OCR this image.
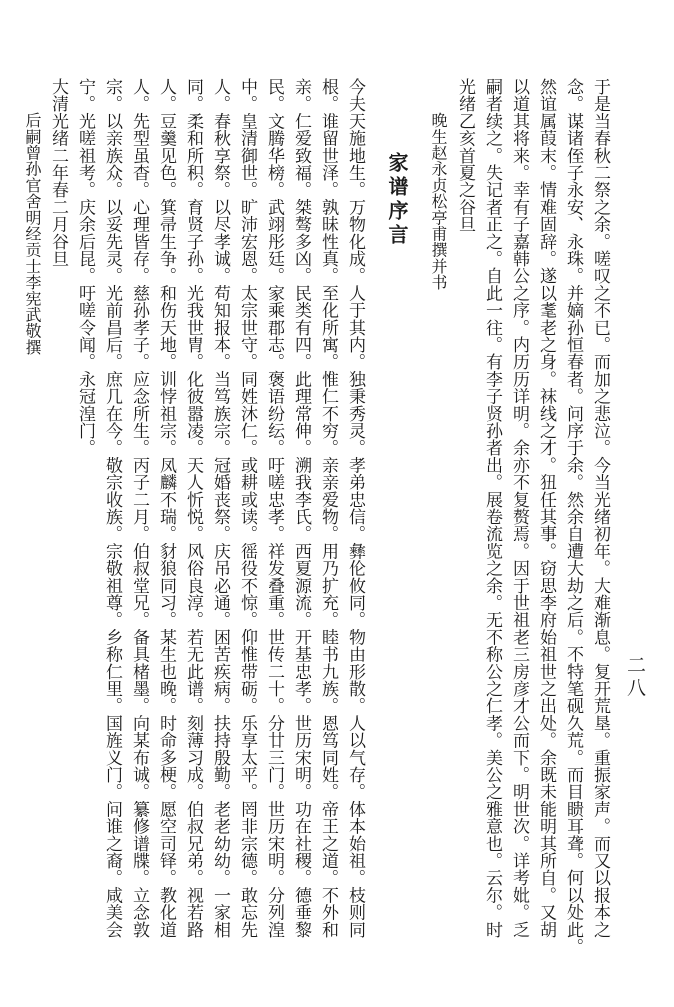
二八
于是当春秋二祭之余。嗟叹之不已。而加之悲泣。今当光绪初年。大难渐息。复开荒垦。重振家声。而又以报本之
念。谋诸侄子永安、永珠。并嫡孙恒春者。问序于余。然余自遭大劫之后。不特笔砚久荒。而目瞆耳聋。何以处此。
然谊属葭末。情难固辞。遂以耄老之身。袜线之才。狃任其事。窃思李府始祖世之出处。余既未能明其所自。又胡
以道其将来。幸有子嘉韩公之序。内历历详明。余亦不复赘焉。因于世祖老三房彦才公而下。明世次。详考妣。乏
嗣者续之。失记者正之。自此一往。有李子贤孙者出。展卷流览之余。无不称公之仁孝。美公之雅意也。云尔。时
光绪乙亥首夏之谷旦
晚生赵永贞松亭甫撰并书
家谱序言
今夫天施地生。万物化成。人于其内。独秉秀灵。孝弟忠信。彝伦攸同。物由形散。人以气存。体本始祖。枝则同
根。谁留世泽。孰昧性真。至化所寓。惟仁不穷。亲亲爱物。用乃扩充。睦书九族。恩笃同姓。帝王之道。不外和
亲。仁爱致福。桀骜多凶。民类有四。此理常伸。溯我李氏。西夏源流。开基忠孝。世历宋明。功在社稷。德垂黎
民。文腾华榜。武翊彤廷。家乘郡志。褒语纷纭。吁嗟忠孝。祥发叠重。世传二十。分廿三门。世历宋明。分列湟
中。皇清御世。旷沛宏恩。太宗世守。同姓沐仁。或耕或读。徭役不惊。仰惟带砺。乐享太平。罔非宗德。敢忘先
人。春秋享祭。以尽孝诚。苟知报本。当笃族宗。冠婚丧祭。庆吊必通。困苦疾病。扶持殷勤。老老幼幼。一家相
同。柔和所积。育贤子孙。光我世胄。化彼嚣凌。天人忻悦。风俗良淳。若无此谱。刻薄习成。伯叔兄弟。视若路
人。豆羹见色。箕帚生争。和伤天地。训悖祖宗。凤麟不瑞。豺狼同习。某生也晚。时命多梗。愿空司铎。教化道
人。先型虽杳。心理皆存。慈孙孝子。应念所生。丙子二月。伯叔堂兄。备具楮墨。向某布诚。纂修谱牒。立念敦
宗。以亲族众。以妥先灵。光前昌后。庶几在今。敬宗收族。宗敬祖尊。乡称仁里。国旌义门。问谁之裔。咸美会
宁。光嗟祖考。庆余后昆。吁嗟令闻。永冠湟门。
大清光绪二年春二月谷旦
后嗣曾孙官舍明经贡士李宪武敬撰
